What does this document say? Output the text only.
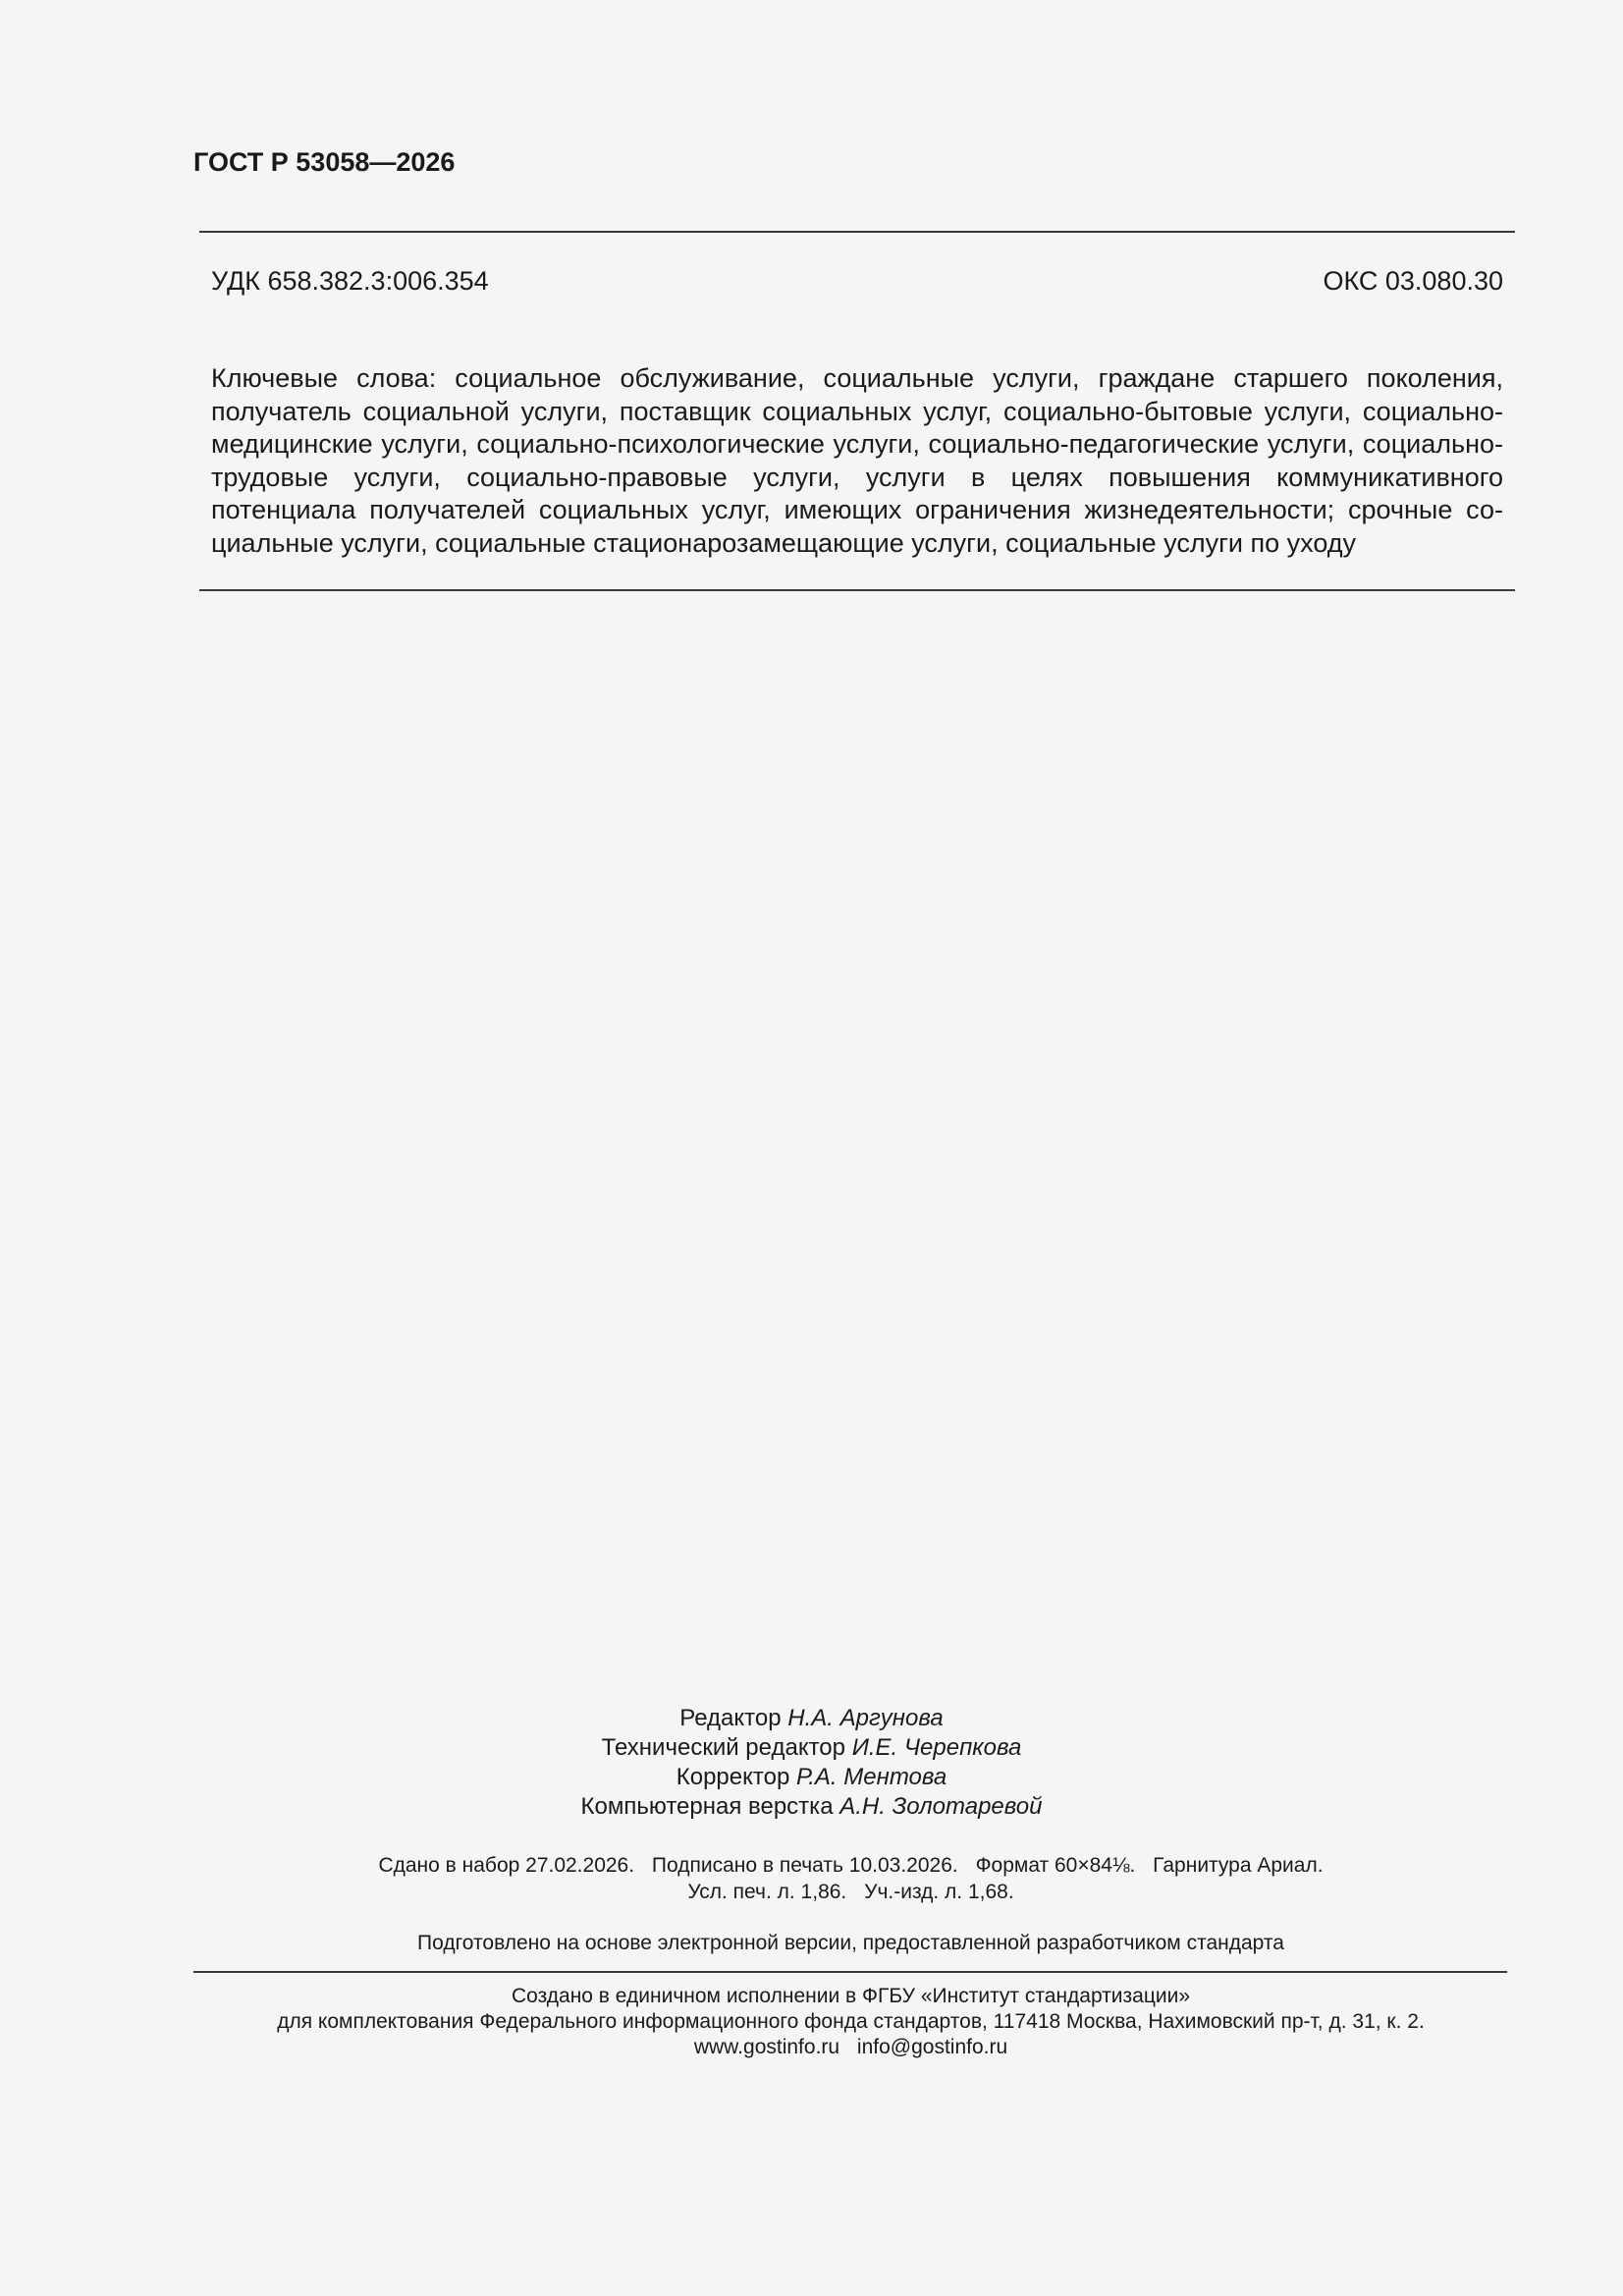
ГОСТ Р 53058—2026
УДК 658.382.3:006.354	ОКС 03.080.30
Ключевые слова: социальное обслуживание, социальные услуги, граждане старшего поколения, получатель социальной услуги, поставщик социальных услуг, социально-бытовые услуги, социально-медицинские услуги, социально-психологические услуги, социально-педагогические услуги, социально-трудовые услуги, социально-правовые услуги, услуги в целях повышения коммуникативного потенциала получателей социальных услуг, имеющих ограничения жизнедеятельности; срочные социальные услуги, социальные стационарозамещающие услуги, социальные услуги по уходу
Редактор Н.А. Аргунова
Технический редактор И.Е. Черепкова
Корректор Р.А. Ментова
Компьютерная верстка А.Н. Золотаревой
Сдано в набор 27.02.2026. Подписано в печать 10.03.2026. Формат 60×84⅛. Гарнитура Ариал.
Усл. печ. л. 1,86. Уч.-изд. л. 1,68.
Подготовлено на основе электронной версии, предоставленной разработчиком стандарта
Создано в единичном исполнении в ФГБУ «Институт стандартизации»
для комплектования Федерального информационного фонда стандартов, 117418 Москва, Нахимовский пр-т, д. 31, к. 2.
www.gostinfo.ru info@gostinfo.ru
